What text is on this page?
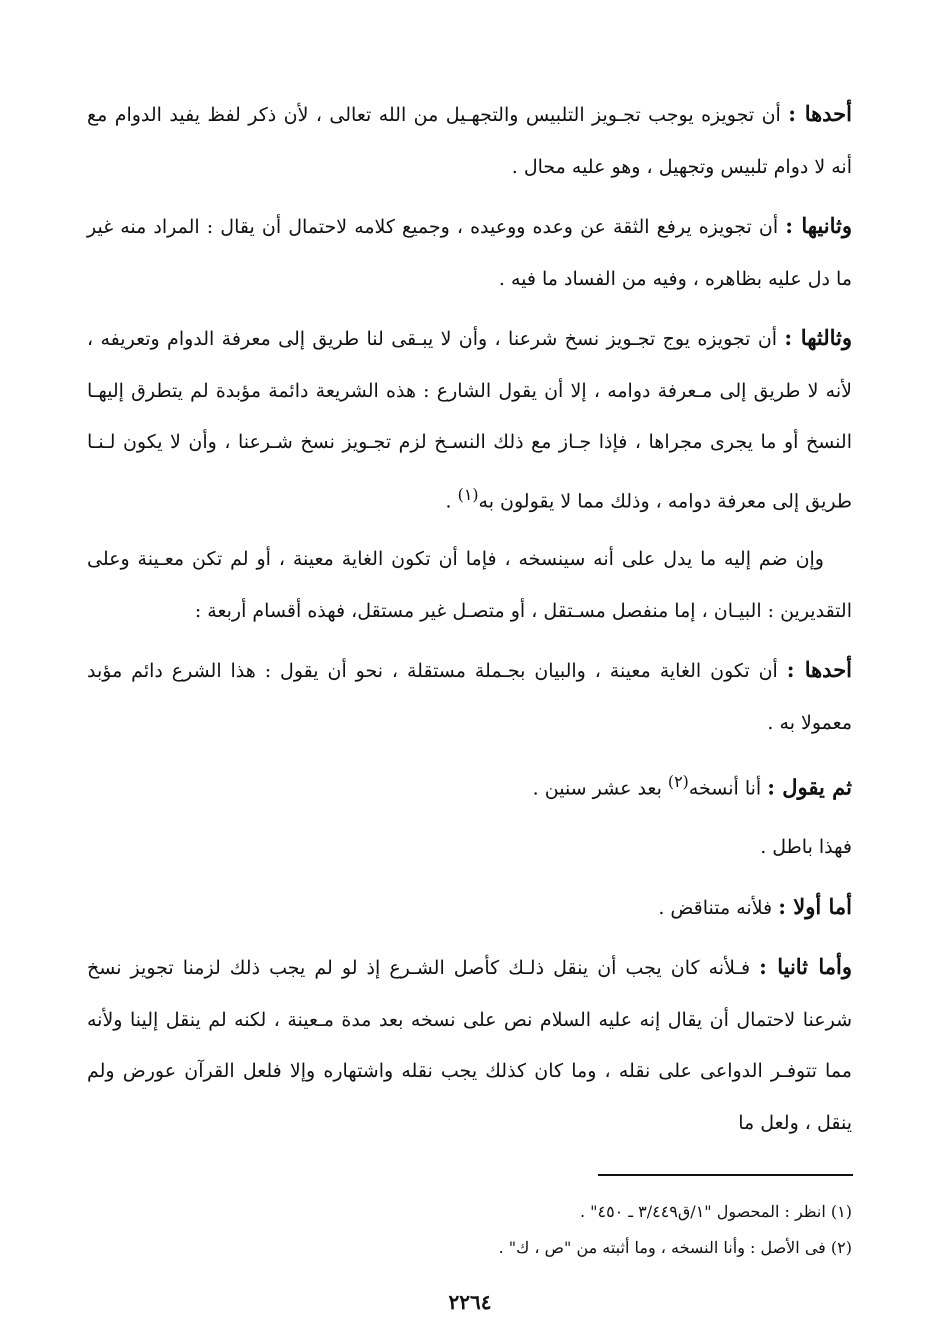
أحدها : أن تجويزه يوجب تجـويز التلبيس والتجهـيل من الله تعالى ، لأن ذكر لفظ يفيد الدوام مع أنه لا دوام تلبيس وتجهيل ، وهو عليه محال .

وثانيها : أن تجويزه يرفع الثقة عن وعده ووعيده ، وجميع كلامه لاحتمال أن يقال : المراد منه غير ما دل عليه بظاهره ، وفيه من الفساد ما فيه .

وثالثها : أن تجويزه يوج تجـويز نسخ شرعنا ، وأن لا يبـقى لنا طريق إلى معرفة الدوام وتعريفه ، لأنه لا طريق إلى مـعرفة دوامه ، إلا أن يقول الشارع : هذه الشريعة دائمة مؤبدة لم يتطرق إليهـا النسخ أو ما يجرى مجراها ، فإذا جـاز مع ذلك النسـخ لزم تجـويز نسخ شـرعنا ، وأن لا يكون لـنـا طريق إلى معرفة دوامه ، وذلك مما لا يقولون به$^{(١)}$ .

وإن ضم إليه ما يدل على أنه سينسخه ، فإما أن تكون الغاية معينة ، أو لم تكن معـينة وعلى التقديرين : البيـان ، إما منفصل مسـتقل ، أو متصـل غير مستقل، فهذه أقسام أربعة :

أحدها : أن تكون الغاية معينة ، والبيان بجـملة مستقلة ، نحو أن يقول : هذا الشرع دائم مؤبد معمولا به .

ثم يقول : أنا أنسخه$^{(٢)}$ بعد عشر سنين .

فهذا باطل .

أما أولا : فلأنه متناقض .

وأما ثانيا : فـلأنه كان يجب أن ينقل ذلـك كأصل الشـرع إذ لو لم يجب ذلك لزمنا تجويز نسخ شرعنا لاحتمال أن يقال إنه عليه السلام نص على نسخه بعد مدة مـعينة ، لكنه لم ينقل إلينا ولأنه مما تتوفـر الدواعى على نقله ، وما كان كذلك يجب نقله واشتهاره وإلا فلعل القرآن عورض ولم ينقل ، ولعل ما

(١) انظر : المحصول "١/ق٣/٤٤٩ ـ ٤٥٠" .

(٢) فى الأصل : وأنا النسخه ، وما أثبته من "ص ، ك" .

٢٢٦٤
